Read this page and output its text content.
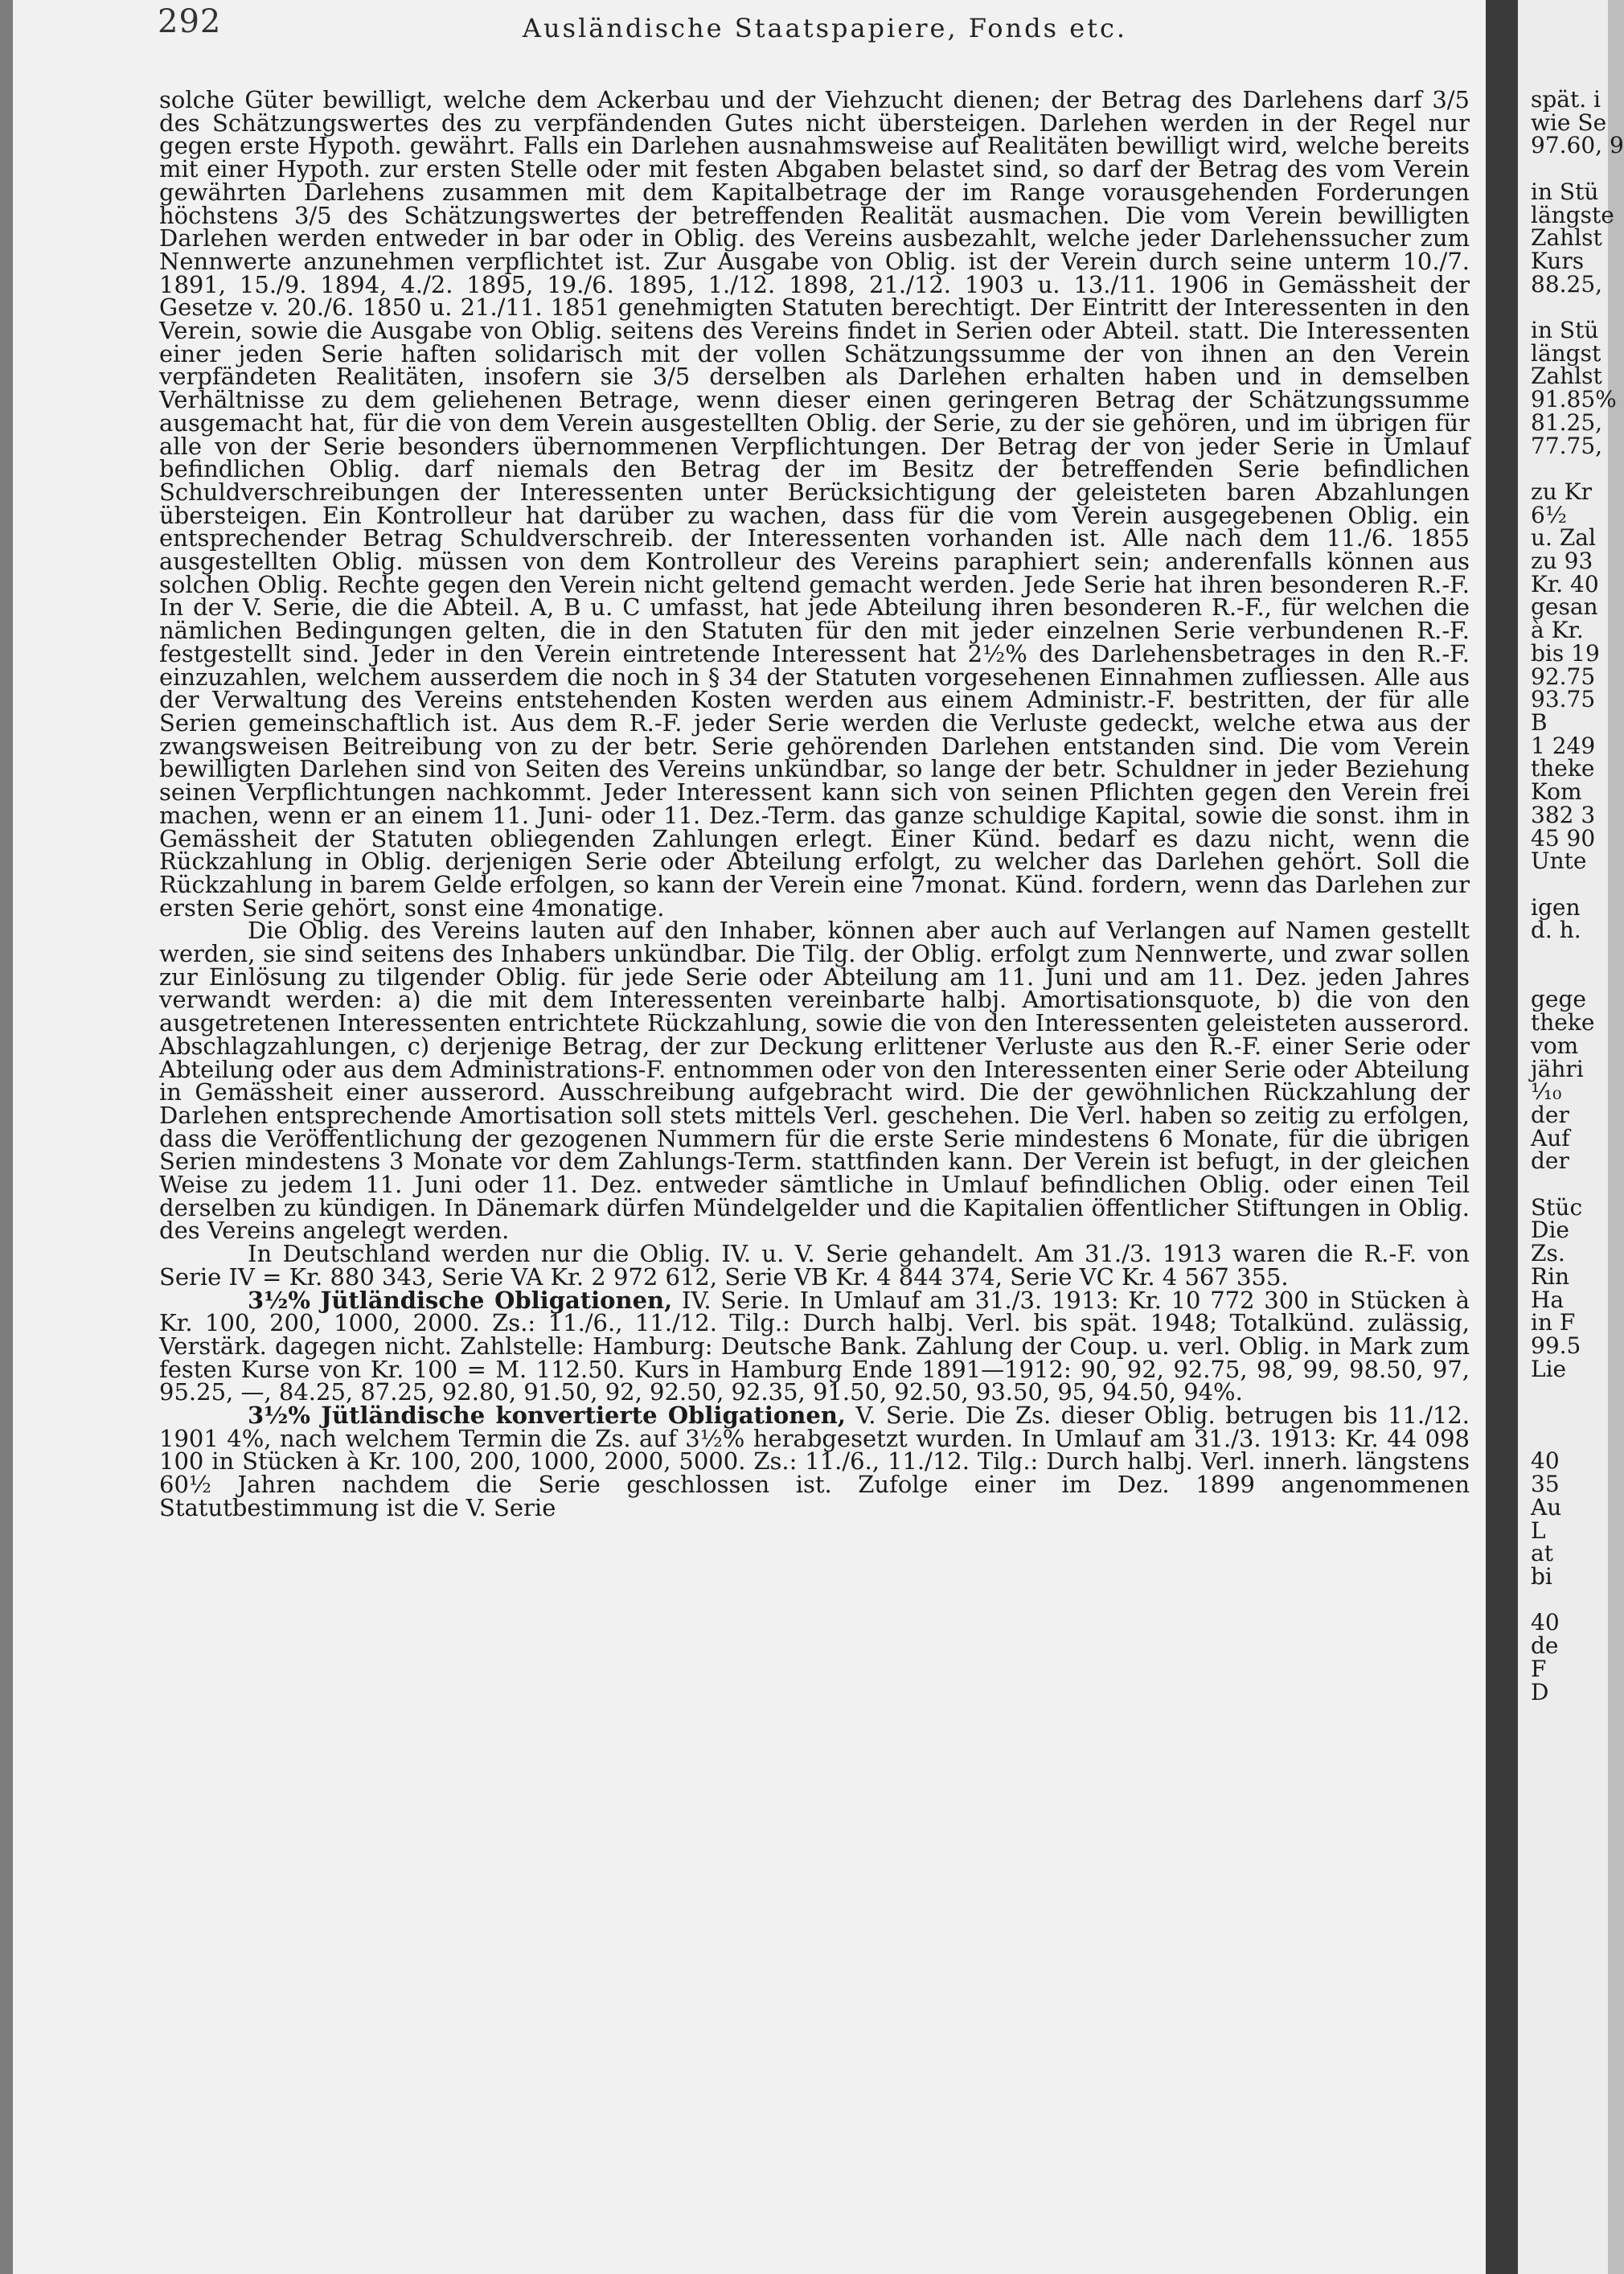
292	Ausländische Staatspapiere, Fonds etc.

solche Güter bewilligt, welche dem Ackerbau und der Viehzucht dienen; der Betrag des Darlehens darf 3/5 des Schätzungswertes des zu verpfändenden Gutes nicht übersteigen. Darlehen werden in der Regel nur gegen erste Hypoth. gewährt. Falls ein Darlehen ausnahmsweise auf Realitäten bewilligt wird, welche bereits mit einer Hypoth. zur ersten Stelle oder mit festen Abgaben belastet sind, so darf der Betrag des vom Verein gewährten Darlehens zusammen mit dem Kapitalbetrage der im Range vorausgehenden Forderungen höchstens 3/5 des Schätzungswertes der betreffenden Realität ausmachen. Die vom Verein bewilligten Darlehen werden entweder in bar oder in Oblig. des Vereins ausbezahlt, welche jeder Darlehenssucher zum Nennwerte anzunehmen verpflichtet ist. Zur Ausgabe von Oblig. ist der Verein durch seine unterm 10./7. 1891, 15./9. 1894, 4./2. 1895, 19./6. 1895, 1./12. 1898, 21./12. 1903 u. 13./11. 1906 in Gemässheit der Gesetze v. 20./6. 1850 u. 21./11. 1851 genehmigten Statuten berechtigt. Der Eintritt der Interessenten in den Verein, sowie die Ausgabe von Oblig. seitens des Vereins findet in Serien oder Abteil. statt. Die Interessenten einer jeden Serie haften solidarisch mit der vollen Schätzungssumme der von ihnen an den Verein verpfändeten Realitäten, insofern sie 3/5 derselben als Darlehen erhalten haben und in demselben Verhältnisse zu dem geliehenen Betrage, wenn dieser einen geringeren Betrag der Schätzungssumme ausgemacht hat, für die von dem Verein ausgestellten Oblig. der Serie, zu der sie gehören, und im übrigen für alle von der Serie besonders übernommenen Verpflichtungen. Der Betrag der von jeder Serie in Umlauf befindlichen Oblig. darf niemals den Betrag der im Besitz der betreffenden Serie befindlichen Schuldverschreibungen der Interessenten unter Berücksichtigung der geleisteten baren Abzahlungen übersteigen. Ein Kontrolleur hat darüber zu wachen, dass für die vom Verein ausgegebenen Oblig. ein entsprechender Betrag Schuldverschreib. der Interessenten vorhanden ist. Alle nach dem 11./6. 1855 ausgestellten Oblig. müssen von dem Kontrolleur des Vereins paraphiert sein; anderenfalls können aus solchen Oblig. Rechte gegen den Verein nicht geltend gemacht werden. Jede Serie hat ihren besonderen R.-F. In der V. Serie, die die Abteil. A, B u. C umfasst, hat jede Abteilung ihren besonderen R.-F., für welchen die nämlichen Bedingungen gelten, die in den Statuten für den mit jeder einzelnen Serie verbundenen R.-F. festgestellt sind. Jeder in den Verein eintretende Interessent hat 2½% des Darlehensbetrages in den R.-F. einzuzahlen, welchem ausserdem die noch in § 34 der Statuten vorgesehenen Einnahmen zufliessen. Alle aus der Verwaltung des Vereins entstehenden Kosten werden aus einem Administr.-F. bestritten, der für alle Serien gemeinschaftlich ist. Aus dem R.-F. jeder Serie werden die Verluste gedeckt, welche etwa aus der zwangsweisen Beitreibung von zu der betr. Serie gehörenden Darlehen entstanden sind. Die vom Verein bewilligten Darlehen sind von Seiten des Vereins unkündbar, so lange der betr. Schuldner in jeder Beziehung seinen Verpflichtungen nachkommt. Jeder Interessent kann sich von seinen Pflichten gegen den Verein frei machen, wenn er an einem 11. Juni- oder 11. Dez.-Term. das ganze schuldige Kapital, sowie die sonst. ihm in Gemässheit der Statuten obliegenden Zahlungen erlegt. Einer Künd. bedarf es dazu nicht, wenn die Rückzahlung in Oblig. derjenigen Serie oder Abteilung erfolgt, zu welcher das Darlehen gehört. Soll die Rückzahlung in barem Gelde erfolgen, so kann der Verein eine 7monat. Künd. fordern, wenn das Darlehen zur ersten Serie gehört, sonst eine 4monatige.

Die Oblig. des Vereins lauten auf den Inhaber, können aber auch auf Verlangen auf Namen gestellt werden, sie sind seitens des Inhabers unkündbar. Die Tilg. der Oblig. erfolgt zum Nennwerte, und zwar sollen zur Einlösung zu tilgender Oblig. für jede Serie oder Abteilung am 11. Juni und am 11. Dez. jeden Jahres verwandt werden: a) die mit dem Interessenten vereinbarte halbj. Amortisationsquote, b) die von den ausgetretenen Interessenten entrichtete Rückzahlung, sowie die von den Interessenten geleisteten ausserord. Abschlagzahlungen, c) derjenige Betrag, der zur Deckung erlittener Verluste aus den R.-F. einer Serie oder Abteilung oder aus dem Administrations-F. entnommen oder von den Interessenten einer Serie oder Abteilung in Gemässheit einer ausserord. Ausschreibung aufgebracht wird. Die der gewöhnlichen Rückzahlung der Darlehen entsprechende Amortisation soll stets mittels Verl. geschehen. Die Verl. haben so zeitig zu erfolgen, dass die Veröffentlichung der gezogenen Nummern für die erste Serie mindestens 6 Monate, für die übrigen Serien mindestens 3 Monate vor dem Zahlungs-Term. stattfinden kann. Der Verein ist befugt, in der gleichen Weise zu jedem 11. Juni oder 11. Dez. entweder sämtliche in Umlauf befindlichen Oblig. oder einen Teil derselben zu kündigen. In Dänemark dürfen Mündelgelder und die Kapitalien öffentlicher Stiftungen in Oblig. des Vereins angelegt werden.

In Deutschland werden nur die Oblig. IV. u. V. Serie gehandelt. Am 31./3. 1913 waren die R.-F. von Serie IV = Kr. 880 343, Serie VA Kr. 2 972 612, Serie VB Kr. 4 844 374, Serie VC Kr. 4 567 355.

3½% Jütländische Obligationen, IV. Serie. In Umlauf am 31./3. 1913: Kr. 10 772 300 in Stücken à Kr. 100, 200, 1000, 2000. Zs.: 11./6., 11./12. Tilg.: Durch halbj. Verl. bis spät. 1948; Totalkünd. zulässig, Verstärk. dagegen nicht. Zahlstelle: Hamburg: Deutsche Bank. Zahlung der Coup. u. verl. Oblig. in Mark zum festen Kurse von Kr. 100 = M. 112.50. Kurs in Hamburg Ende 1891—1912: 90, 92, 92.75, 98, 99, 98.50, 97, 95.25, —, 84.25, 87.25, 92.80, 91.50, 92, 92.50, 92.35, 91.50, 92.50, 93.50, 95, 94.50, 94%.

3½% Jütländische konvertierte Obligationen, V. Serie. Die Zs. dieser Oblig. betrugen bis 11./12. 1901 4%, nach welchem Termin die Zs. auf 3½% herabgesetzt wurden. In Umlauf am 31./3. 1913: Kr. 44 098 100 in Stücken à Kr. 100, 200, 1000, 2000, 5000. Zs.: 11./6., 11./12. Tilg.: Durch halbj. Verl. innerh. längstens 60½ Jahren nachdem die Serie geschlossen ist. Zufolge einer im Dez. 1899 angenommenen Statutbestimmung ist die V. Serie

spät. i
wie Se
97.60, 9

in Stü
längste
Zahlst
Kurs
88.25,

in Stü
längst
Zahlst
91.85%
81.25,
77.75,

zu Kr
6½
u. Zal
zu 93
Kr. 40
gesan
à Kr.
bis 19
92.75
93.75
B
1 249
theke
Kom
382 3
45 90
Unte

igen
d. h.

gege
theke
vom
jähri
¹⁄₁₀
der
Auf
der

Stüc
Die
Zs.
Rin
Ha
in F
99.5
Lie

40
35
Au
L
at
bi

40
de
F
D
